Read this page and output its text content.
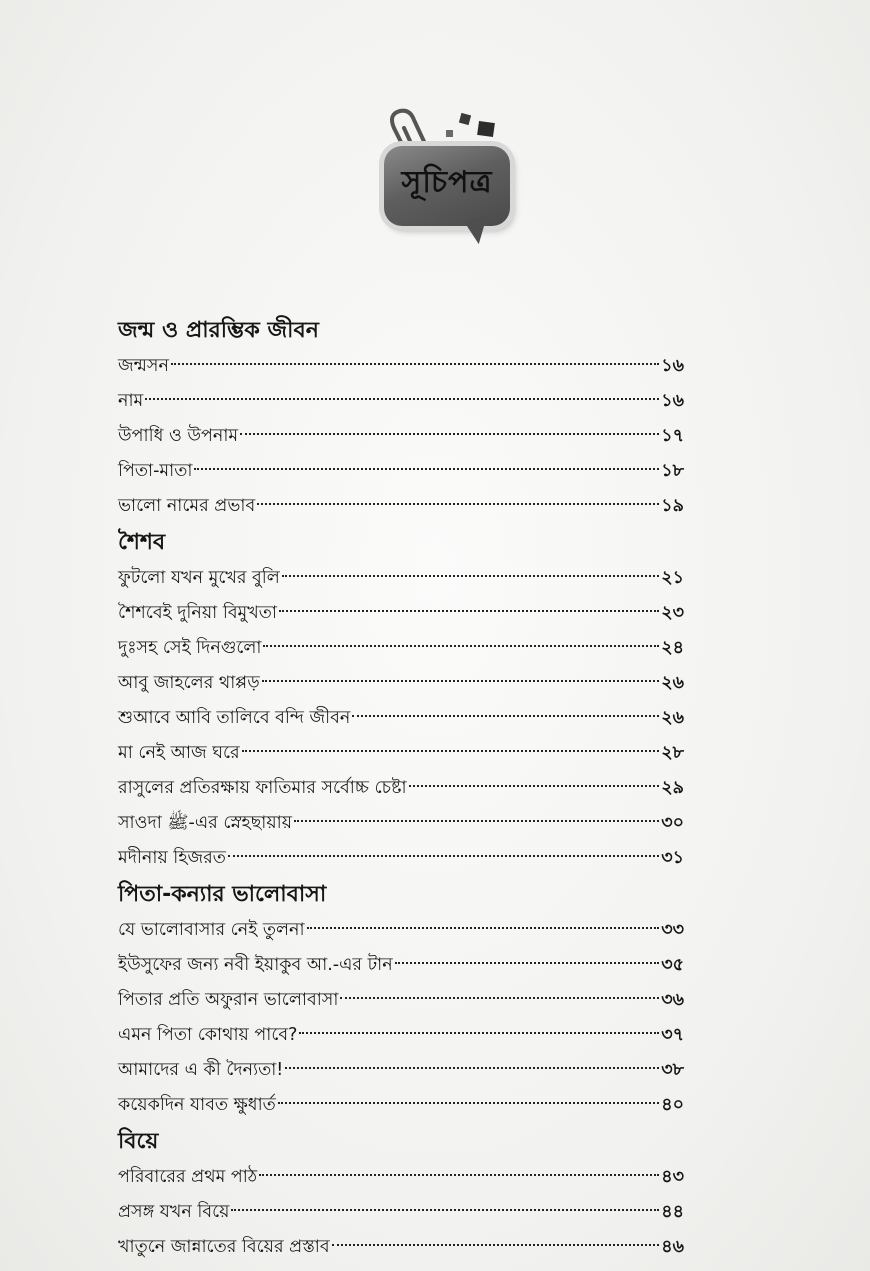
সূচিপত্র
জন্ম ও প্রারম্ভিক জীবন
জন্মসন	১৬
নাম	১৬
উপাধি ও উপনাম	১৭
পিতা-মাতা	১৮
ভালো নামের প্রভাব	১৯
শৈশব
ফুটলো যখন মুখের বুলি	২১
শৈশবেই দুনিয়া বিমুখতা	২৩
দুঃসহ সেই দিনগুলো	২৪
আবু জাহলের থাপ্পড়	২৬
শুআবে আবি তালিবে বন্দি জীবন	২৬
মা নেই আজ ঘরে	২৮
রাসুলের প্রতিরক্ষায় ফাতিমার সর্বোচ্চ চেষ্টা	২৯
সাওদা ﷺ-এর স্নেহছায়ায়	৩০
মদীনায় হিজরত	৩১
পিতা-কন্যার ভালোবাসা
যে ভালোবাসার নেই তুলনা	৩৩
ইউসুফের জন্য নবী ইয়াকুব আ.-এর টান	৩৫
পিতার প্রতি অফুরান ভালোবাসা	৩৬
এমন পিতা কোথায় পাবে?	৩৭
আমাদের এ কী দৈন্যতা!	৩৮
কয়েকদিন যাবত ক্ষুধার্ত	৪০
বিয়ে
পরিবারের প্রথম পাঠ	৪৩
প্রসঙ্গ যখন বিয়ে	৪৪
খাতুনে জান্নাতের বিয়ের প্রস্তাব	৪৬
